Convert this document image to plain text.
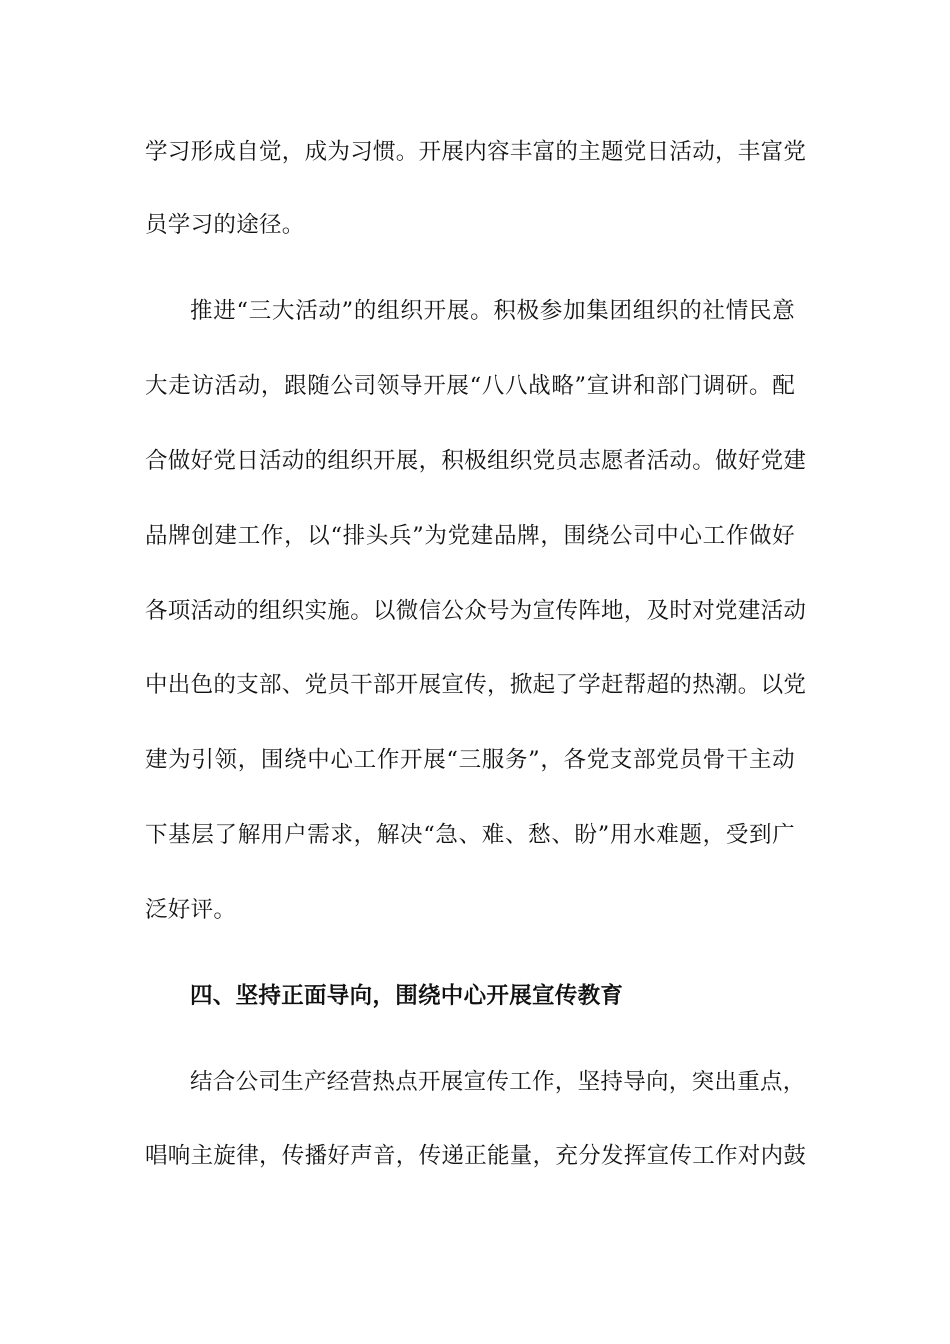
学习形成自觉，成为习惯。开展内容丰富的主题党日活动，丰富党
员学习的途径。
推进“三大活动”的组织开展。积极参加集团组织的社情民意
大走访活动，跟随公司领导开展“八八战略”宣讲和部门调研。配
合做好党日活动的组织开展，积极组织党员志愿者活动。做好党建
品牌创建工作，以“排头兵”为党建品牌，围绕公司中心工作做好
各项活动的组织实施。以微信公众号为宣传阵地，及时对党建活动
中出色的支部、党员干部开展宣传，掀起了学赶帮超的热潮。以党
建为引领，围绕中心工作开展“三服务”，各党支部党员骨干主动
下基层了解用户需求，解决“急、难、愁、盼”用水难题，受到广
泛好评。
四、坚持正面导向，围绕中心开展宣传教育
结合公司生产经营热点开展宣传工作，坚持导向，突出重点，
唱响主旋律，传播好声音，传递正能量，充分发挥宣传工作对内鼓
